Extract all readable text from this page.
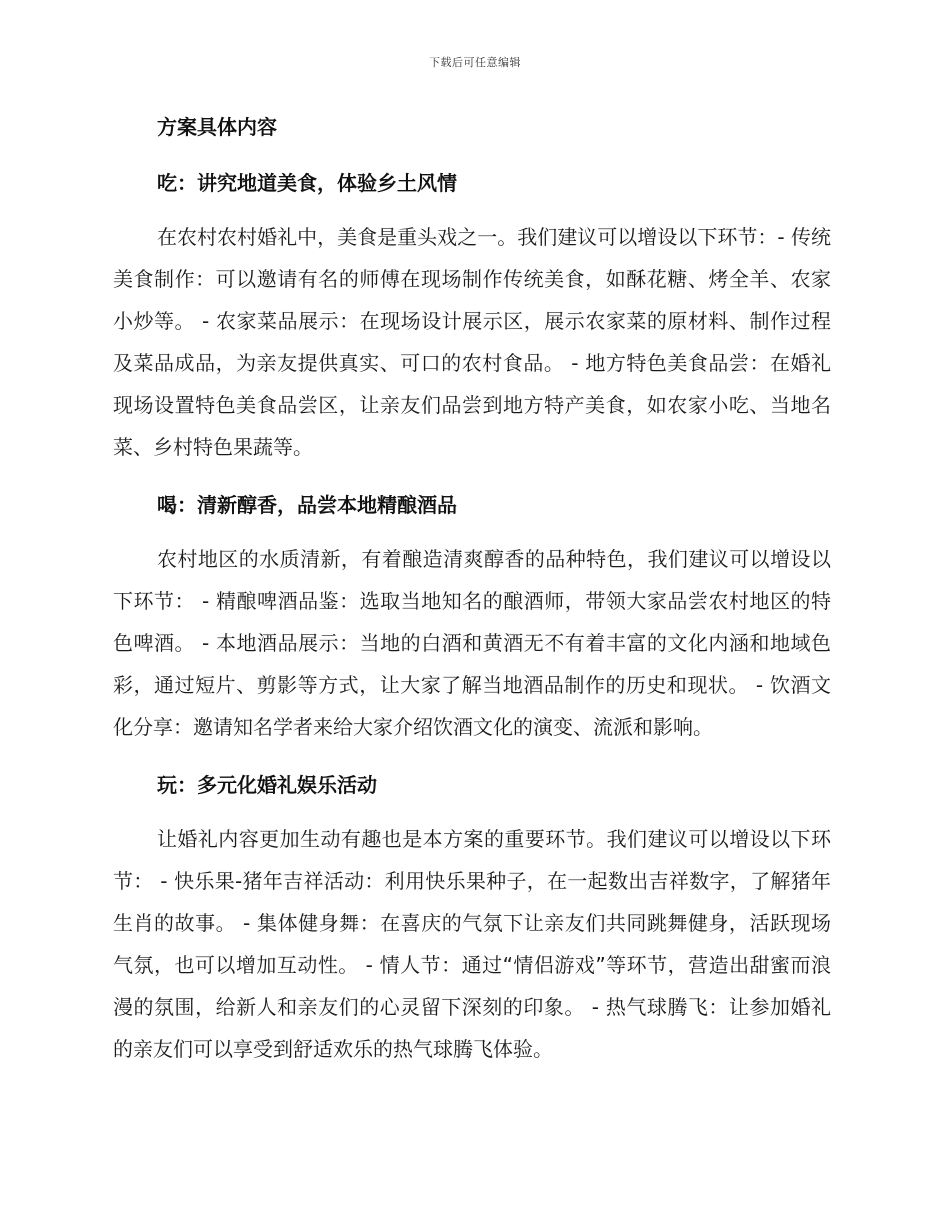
下载后可任意编辑
方案具体内容
吃：讲究地道美食，体验乡土风情

在农村农村婚礼中，美食是重头戏之一。我们建议可以增设以下环节：- 传统美食制作：可以邀请有名的师傅在现场制作传统美食，如酥花糖、烤全羊、农家小炒等。 - 农家菜品展示：在现场设计展示区，展示农家菜的原材料、制作过程及菜品成品，为亲友提供真实、可口的农村食品。 - 地方特色美食品尝：在婚礼现场设置特色美食品尝区，让亲友们品尝到地方特产美食，如农家小吃、当地名菜、乡村特色果蔬等。

喝：清新醇香，品尝本地精酿酒品

农村地区的水质清新，有着酿造清爽醇香的品种特色，我们建议可以增设以下环节： - 精酿啤酒品鉴：选取当地知名的酿酒师，带领大家品尝农村地区的特色啤酒。 - 本地酒品展示：当地的白酒和黄酒无不有着丰富的文化内涵和地域色彩，通过短片、剪影等方式，让大家了解当地酒品制作的历史和现状。 - 饮酒文化分享：邀请知名学者来给大家介绍饮酒文化的演变、流派和影响。

玩：多元化婚礼娱乐活动

让婚礼内容更加生动有趣也是本方案的重要环节。我们建议可以增设以下环节： - 快乐果-猪年吉祥活动：利用快乐果种子，在一起数出吉祥数字，了解猪年生肖的故事。 - 集体健身舞：在喜庆的气氛下让亲友们共同跳舞健身，活跃现场气氛，也可以增加互动性。 - 情人节：通过“情侣游戏”等环节，营造出甜蜜而浪漫的氛围，给新人和亲友们的心灵留下深刻的印象。 - 热气球腾飞：让参加婚礼的亲友们可以享受到舒适欢乐的热气球腾飞体验。
